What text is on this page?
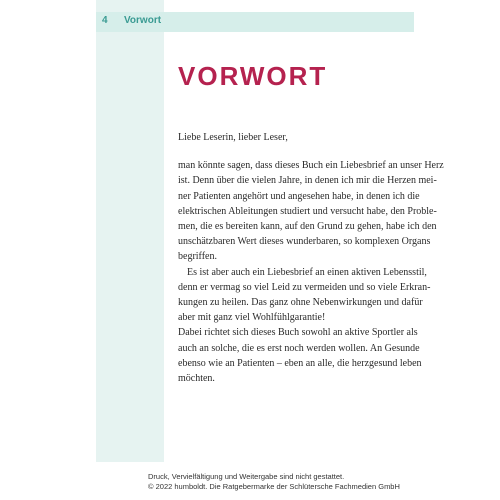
4 Vorwort
VORWORT

Liebe Leserin, lieber Leser,

man könnte sagen, dass dieses Buch ein Liebesbrief an unser Herz
ist. Denn über die vielen Jahre, in denen ich mir die Herzen mei-
ner Patienten angehört und angesehen habe, in denen ich die
elektrischen Ableitungen studiert und versucht habe, den Proble-
men, die es bereiten kann, auf den Grund zu gehen, habe ich den
unschätzbaren Wert dieses wunderbaren, so komplexen Organs
begriffen.

Es ist aber auch ein Liebesbrief an einen aktiven Lebensstil,
denn er vermag so viel Leid zu vermeiden und so viele Erkran-
kungen zu heilen. Das ganz ohne Nebenwirkungen und dafür
aber mit ganz viel Wohlfühlgarantie!

Dabei richtet sich dieses Buch sowohl an aktive Sportler als
auch an solche, die es erst noch werden wollen. An Gesunde
ebenso wie an Patienten – eben an alle, die herzgesund leben
möchten.

Druck, Vervielfältigung und Weitergabe sind nicht gestattet.
© 2022 humboldt. Die Ratgebermarke der Schlütersche Fachmedien GmbH
